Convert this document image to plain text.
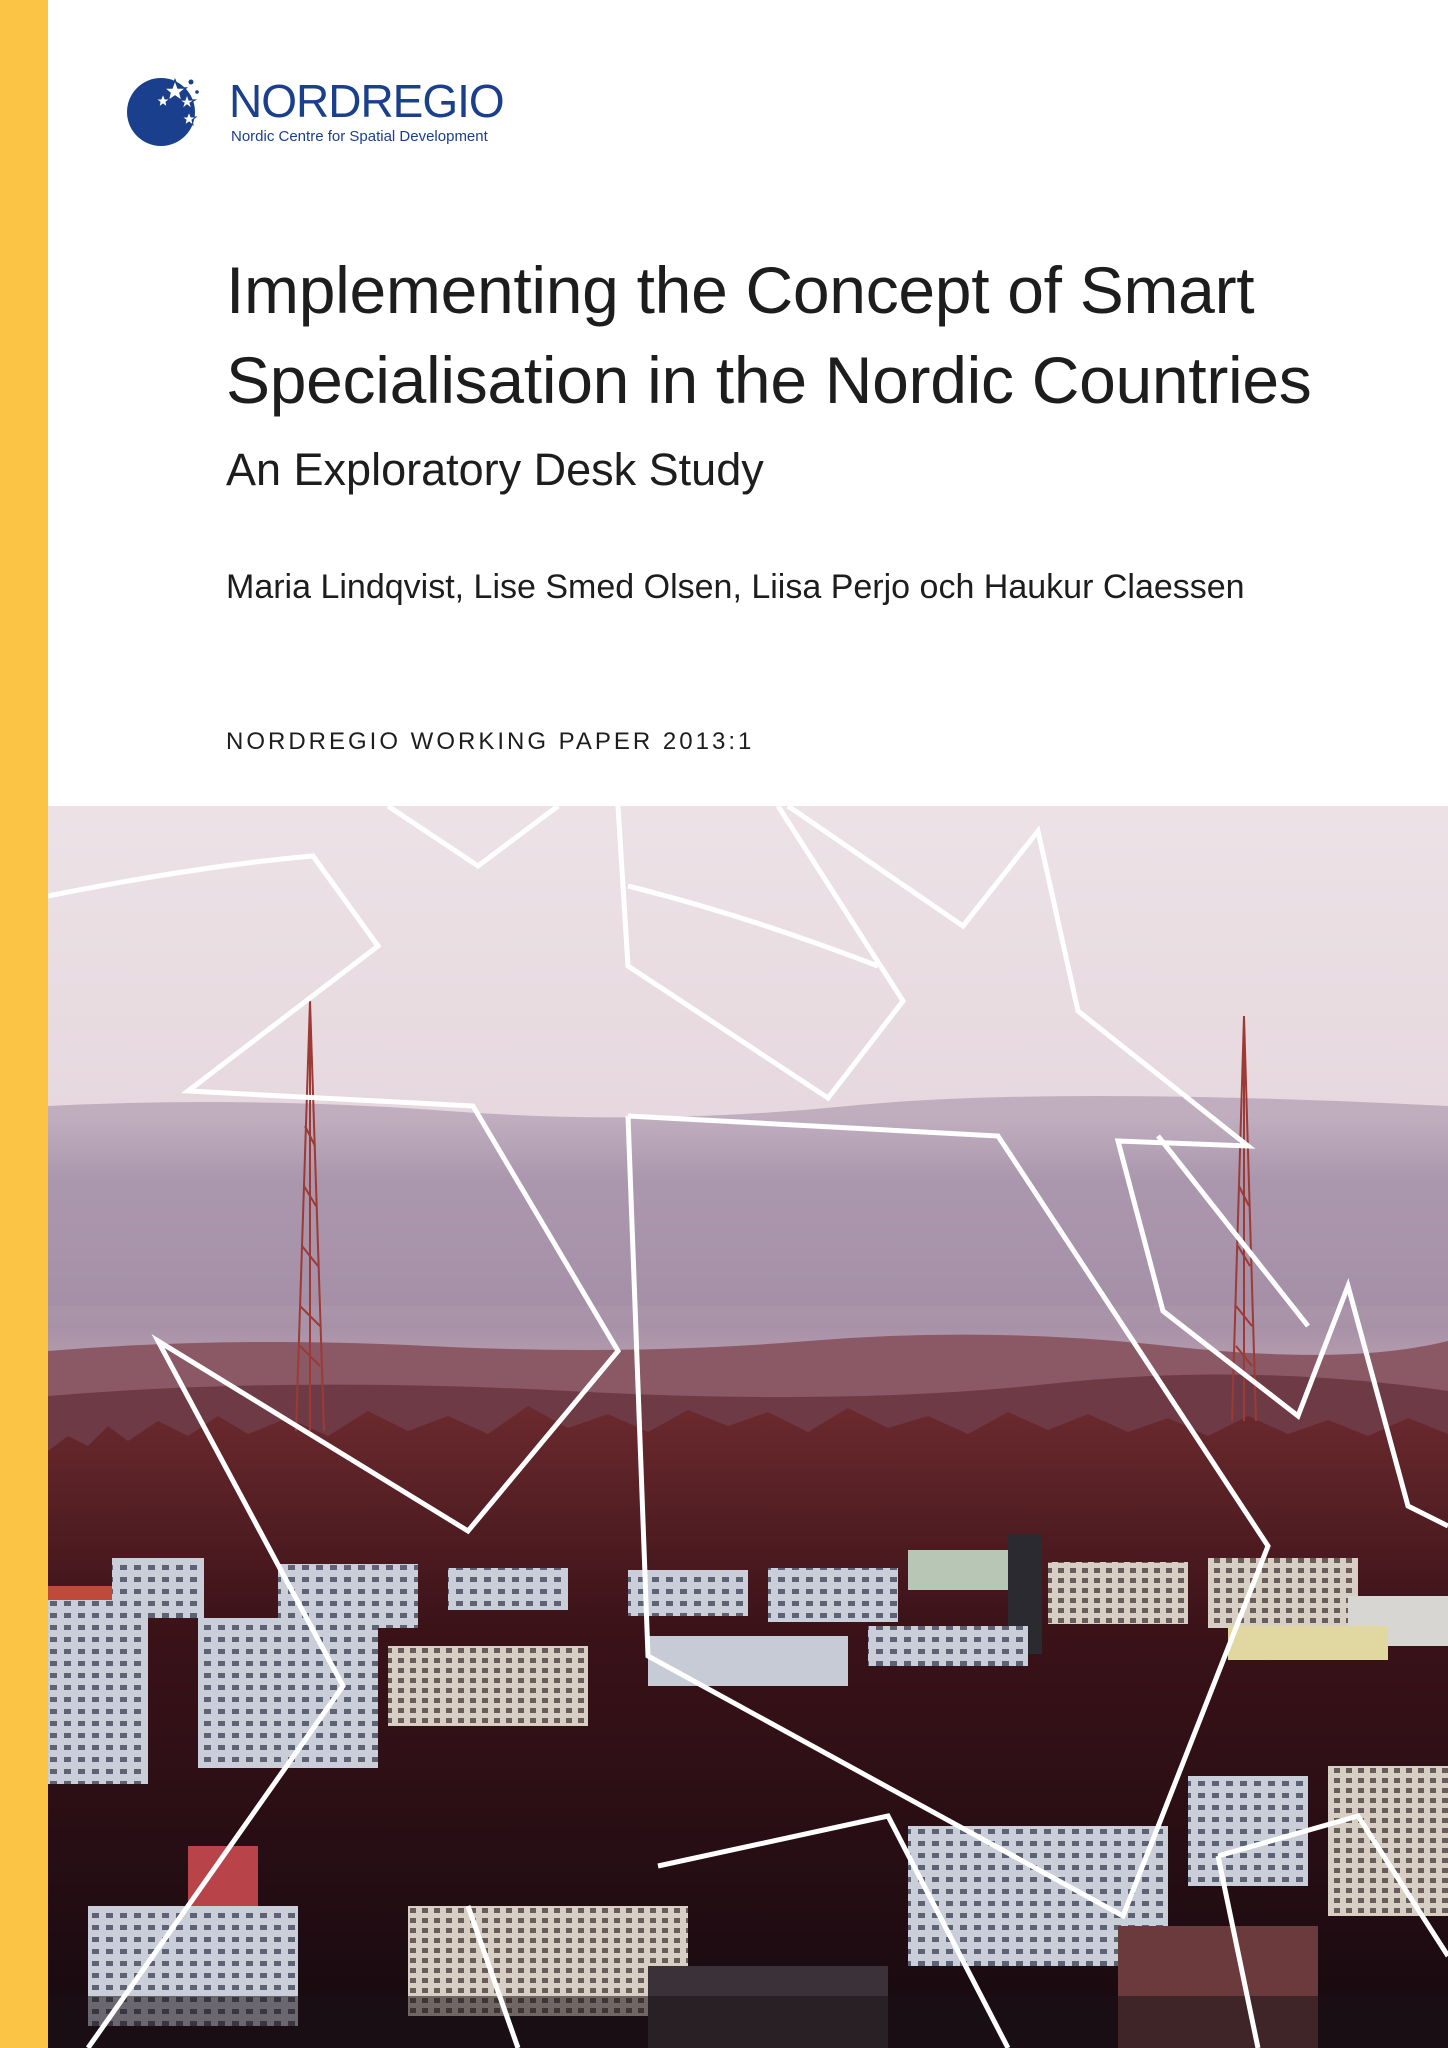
NORDREGIO
Nordic Centre for Spatial Development
Implementing the Concept of Smart
Specialisation in the Nordic Countries
An Exploratory Desk Study
Maria Lindqvist, Lise Smed Olsen, Liisa Perjo och Haukur Claessen
NORDREGIO WORKING PAPER 2013:1
